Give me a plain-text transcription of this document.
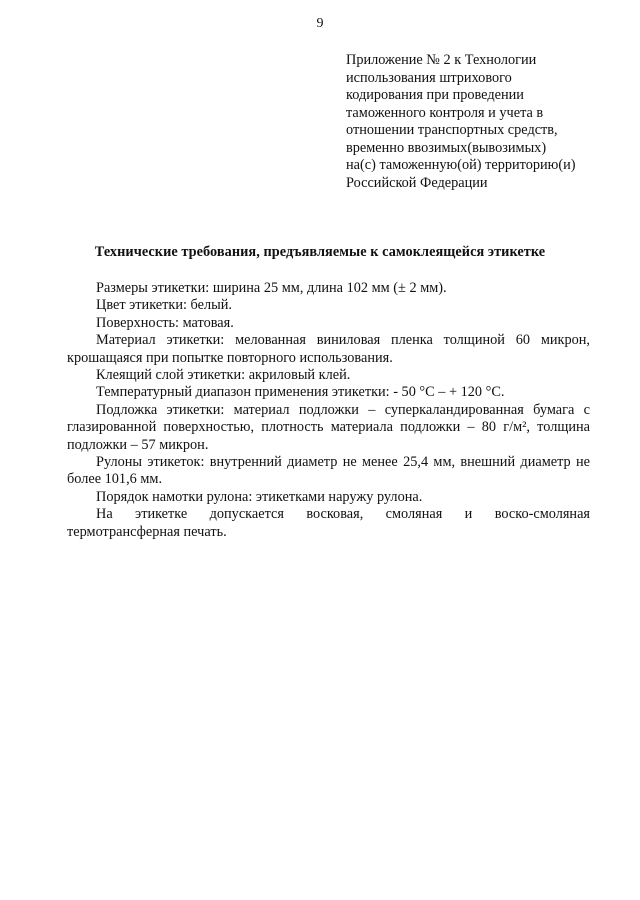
9
Приложение № 2 к Технологии
использования штрихового
кодирования при проведении
таможенного контроля и учета в
отношении транспортных средств,
временно ввозимых(вывозимых)
на(с) таможенную(ой) территорию(и)
Российской Федерации
Технические требования, предъявляемые к самоклеящейся этикетке

Размеры этикетки: ширина 25 мм, длина 102 мм (± 2 мм).

Цвет этикетки: белый.

Поверхность: матовая.

Материал этикетки: мелованная виниловая пленка толщиной 60 микрон, крошащаяся при попытке повторного использования.

Клеящий слой этикетки: акриловый клей.

Температурный диапазон применения этикетки: - 50 °С – + 120 °С.

Подложка этикетки: материал подложки – суперкаландированная бумага с глазированной поверхностью, плотность материала подложки – 80 г/м², толщина подложки – 57 микрон.

Рулоны этикеток: внутренний диаметр не менее 25,4 мм, внешний диаметр не более 101,6 мм.

Порядок намотки рулона: этикетками наружу рулона.

На этикетке допускается восковая, смоляная и воско-смоляная термотрансферная печать.
